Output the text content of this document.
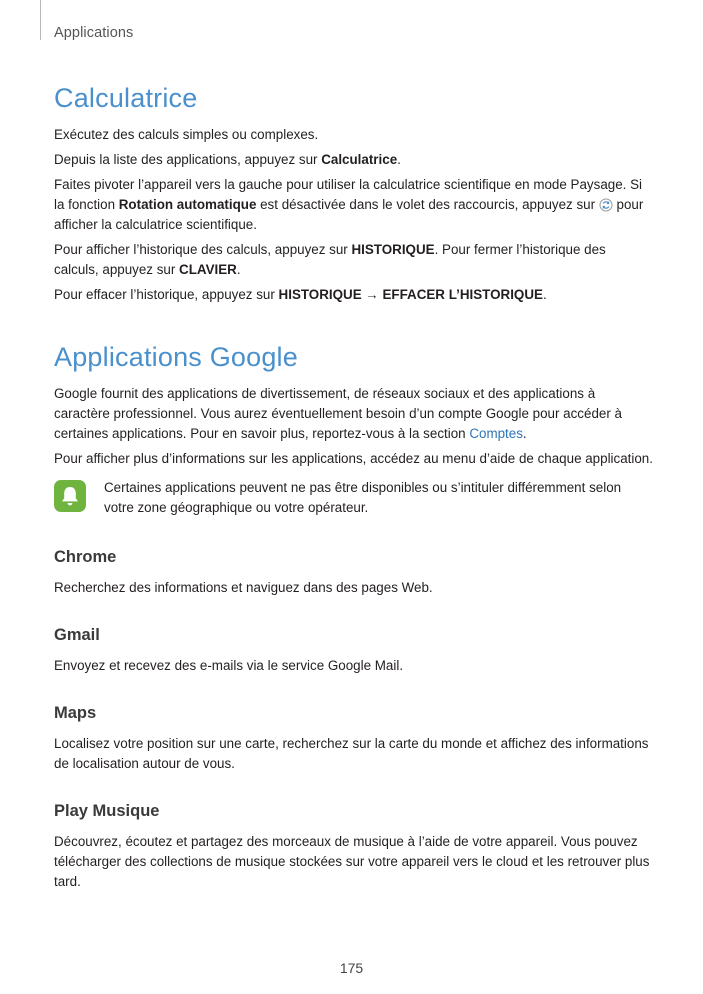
Applications
Calculatrice

Exécutez des calculs simples ou complexes.

Depuis la liste des applications, appuyez sur Calculatrice.

Faites pivoter l’appareil vers la gauche pour utiliser la calculatrice scientifique en mode Paysage. Si la fonction Rotation automatique est désactivée dans le volet des raccourcis, appuyez sur  pour afficher la calculatrice scientifique.

Pour afficher l’historique des calculs, appuyez sur HISTORIQUE. Pour fermer l’historique des calculs, appuyez sur CLAVIER.

Pour effacer l’historique, appuyez sur HISTORIQUE → EFFACER L’HISTORIQUE.

Applications Google

Google fournit des applications de divertissement, de réseaux sociaux et des applications à caractère professionnel. Vous aurez éventuellement besoin d’un compte Google pour accéder à certaines applications. Pour en savoir plus, reportez-vous à la section Comptes.

Pour afficher plus d’informations sur les applications, accédez au menu d’aide de chaque application.

Certaines applications peuvent ne pas être disponibles ou s’intituler différemment selon votre zone géographique ou votre opérateur.
Chrome

Recherchez des informations et naviguez dans des pages Web.

Gmail

Envoyez et recevez des e-mails via le service Google Mail.

Maps

Localisez votre position sur une carte, recherchez sur la carte du monde et affichez des informations de localisation autour de vous.

Play Musique

Découvrez, écoutez et partagez des morceaux de musique à l’aide de votre appareil. Vous pouvez télécharger des collections de musique stockées sur votre appareil vers le cloud et les retrouver plus tard.

175
